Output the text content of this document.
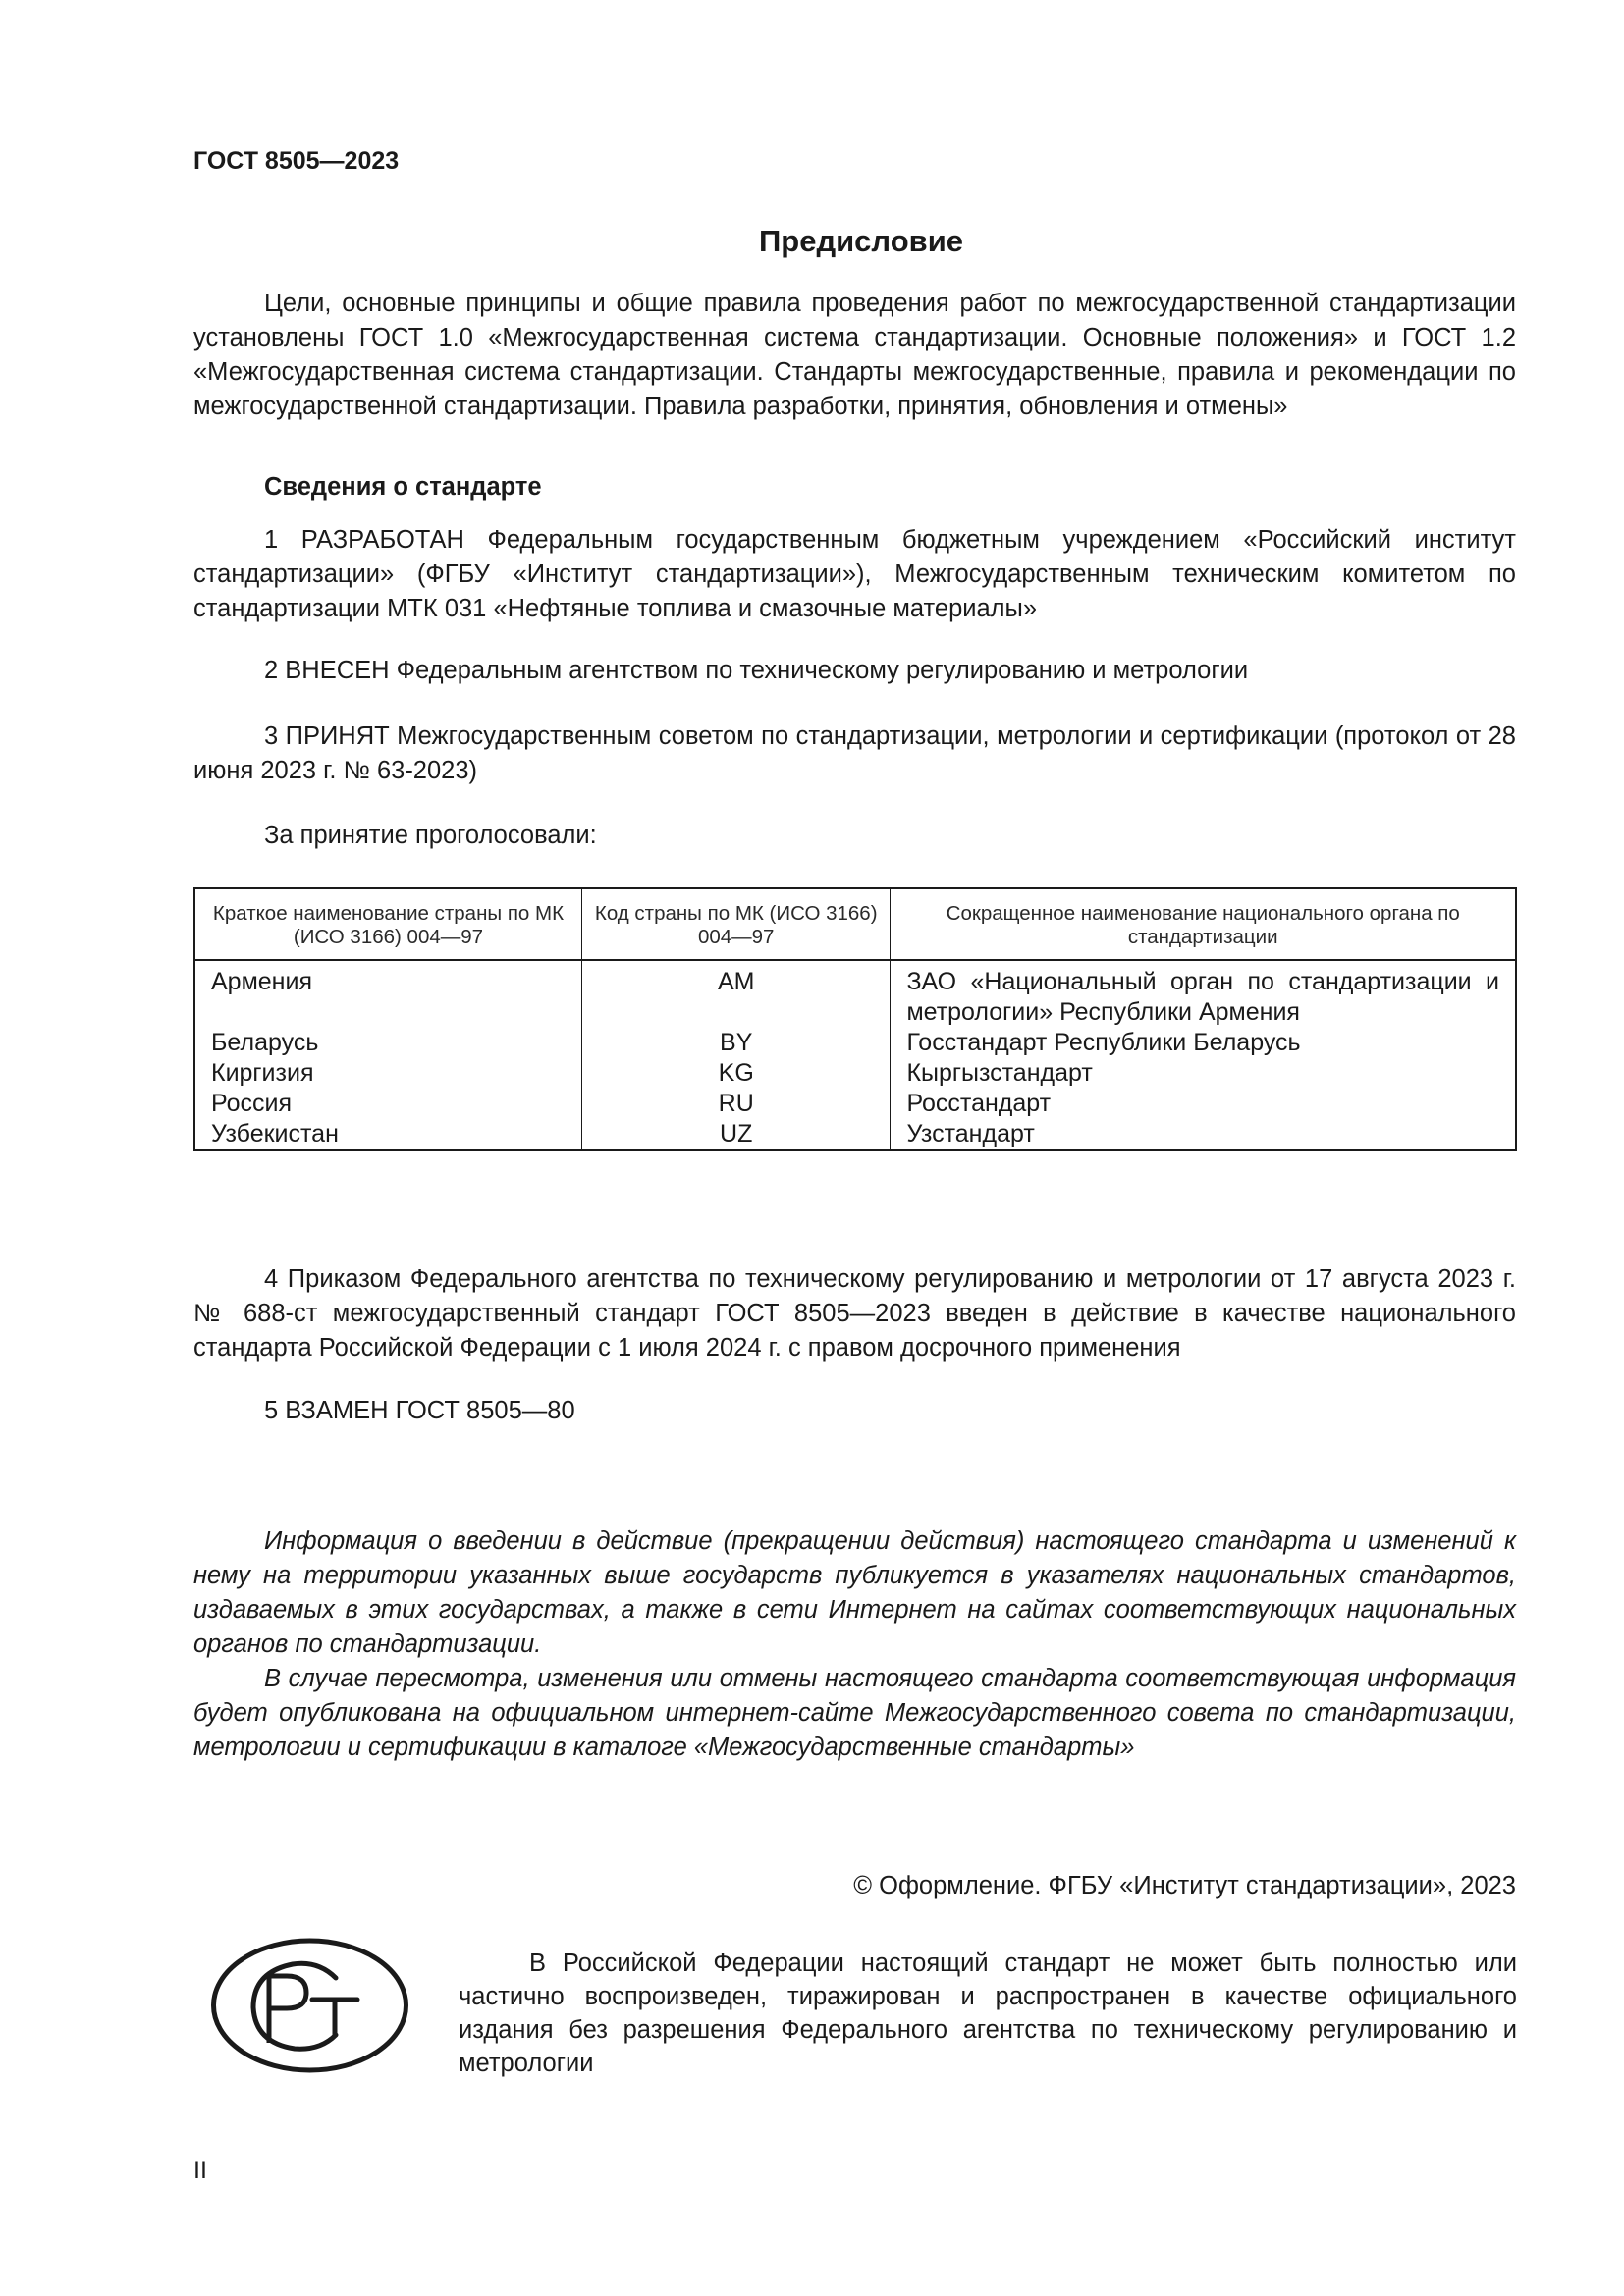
ГОСТ 8505—2023
Предисловие

Цели, основные принципы и общие правила проведения работ по межгосударственной стандартизации установлены ГОСТ 1.0 «Межгосударственная система стандартизации. Основные положения» и ГОСТ 1.2 «Межгосударственная система стандартизации. Стандарты межгосударственные, правила и рекомендации по межгосударственной стандартизации. Правила разработки, принятия, обновления и отмены»

Сведения о стандарте

1 РАЗРАБОТАН Федеральным государственным бюджетным учреждением «Российский институт стандартизации» (ФГБУ «Институт стандартизации»), Межгосударственным техническим комитетом по стандартизации МТК 031 «Нефтяные топлива и смазочные материалы»

2 ВНЕСЕН Федеральным агентством по техническому регулированию и метрологии

3 ПРИНЯТ Межгосударственным советом по стандартизации, метрологии и сертификации (протокол от 28 июня 2023 г. № 63-2023)

За принятие проголосовали:

Краткое наименование страны по МК (ИСО 3166) 004—97	Код страны по МК (ИСО 3166) 004—97	Сокращенное наименование национального органа по стандартизации
Армения	AM	ЗАО «Национальный орган по стандартизации и метрологии» Республики Армения
Беларусь	BY	Госстандарт Республики Беларусь
Киргизия	KG	Кыргызстандарт
Россия	RU	Росстандарт
Узбекистан	UZ	Узстандарт

4 Приказом Федерального агентства по техническому регулированию и метрологии от 17 августа 2023 г. № 688-ст межгосударственный стандарт ГОСТ 8505—2023 введен в действие в качестве национального стандарта Российской Федерации с 1 июля 2024 г. с правом досрочного применения

5 ВЗАМЕН ГОСТ 8505—80

Информация о введении в действие (прекращении действия) настоящего стандарта и изменений к нему на территории указанных выше государств публикуется в указателях национальных стандартов, издаваемых в этих государствах, а также в сети Интернет на сайтах соответствующих национальных органов по стандартизации.

В случае пересмотра, изменения или отмены настоящего стандарта соответствующая информация будет опубликована на официальном интернет-сайте Межгосударственного совета по стандартизации, метрологии и сертификации в каталоге «Межгосударственные стандарты»

© Оформление. ФГБУ «Институт стандартизации», 2023

В Российской Федерации настоящий стандарт не может быть полностью или частично воспроизведен, тиражирован и распространен в качестве официального издания без разрешения Федерального агентства по техническому регулированию и метрологии

II
